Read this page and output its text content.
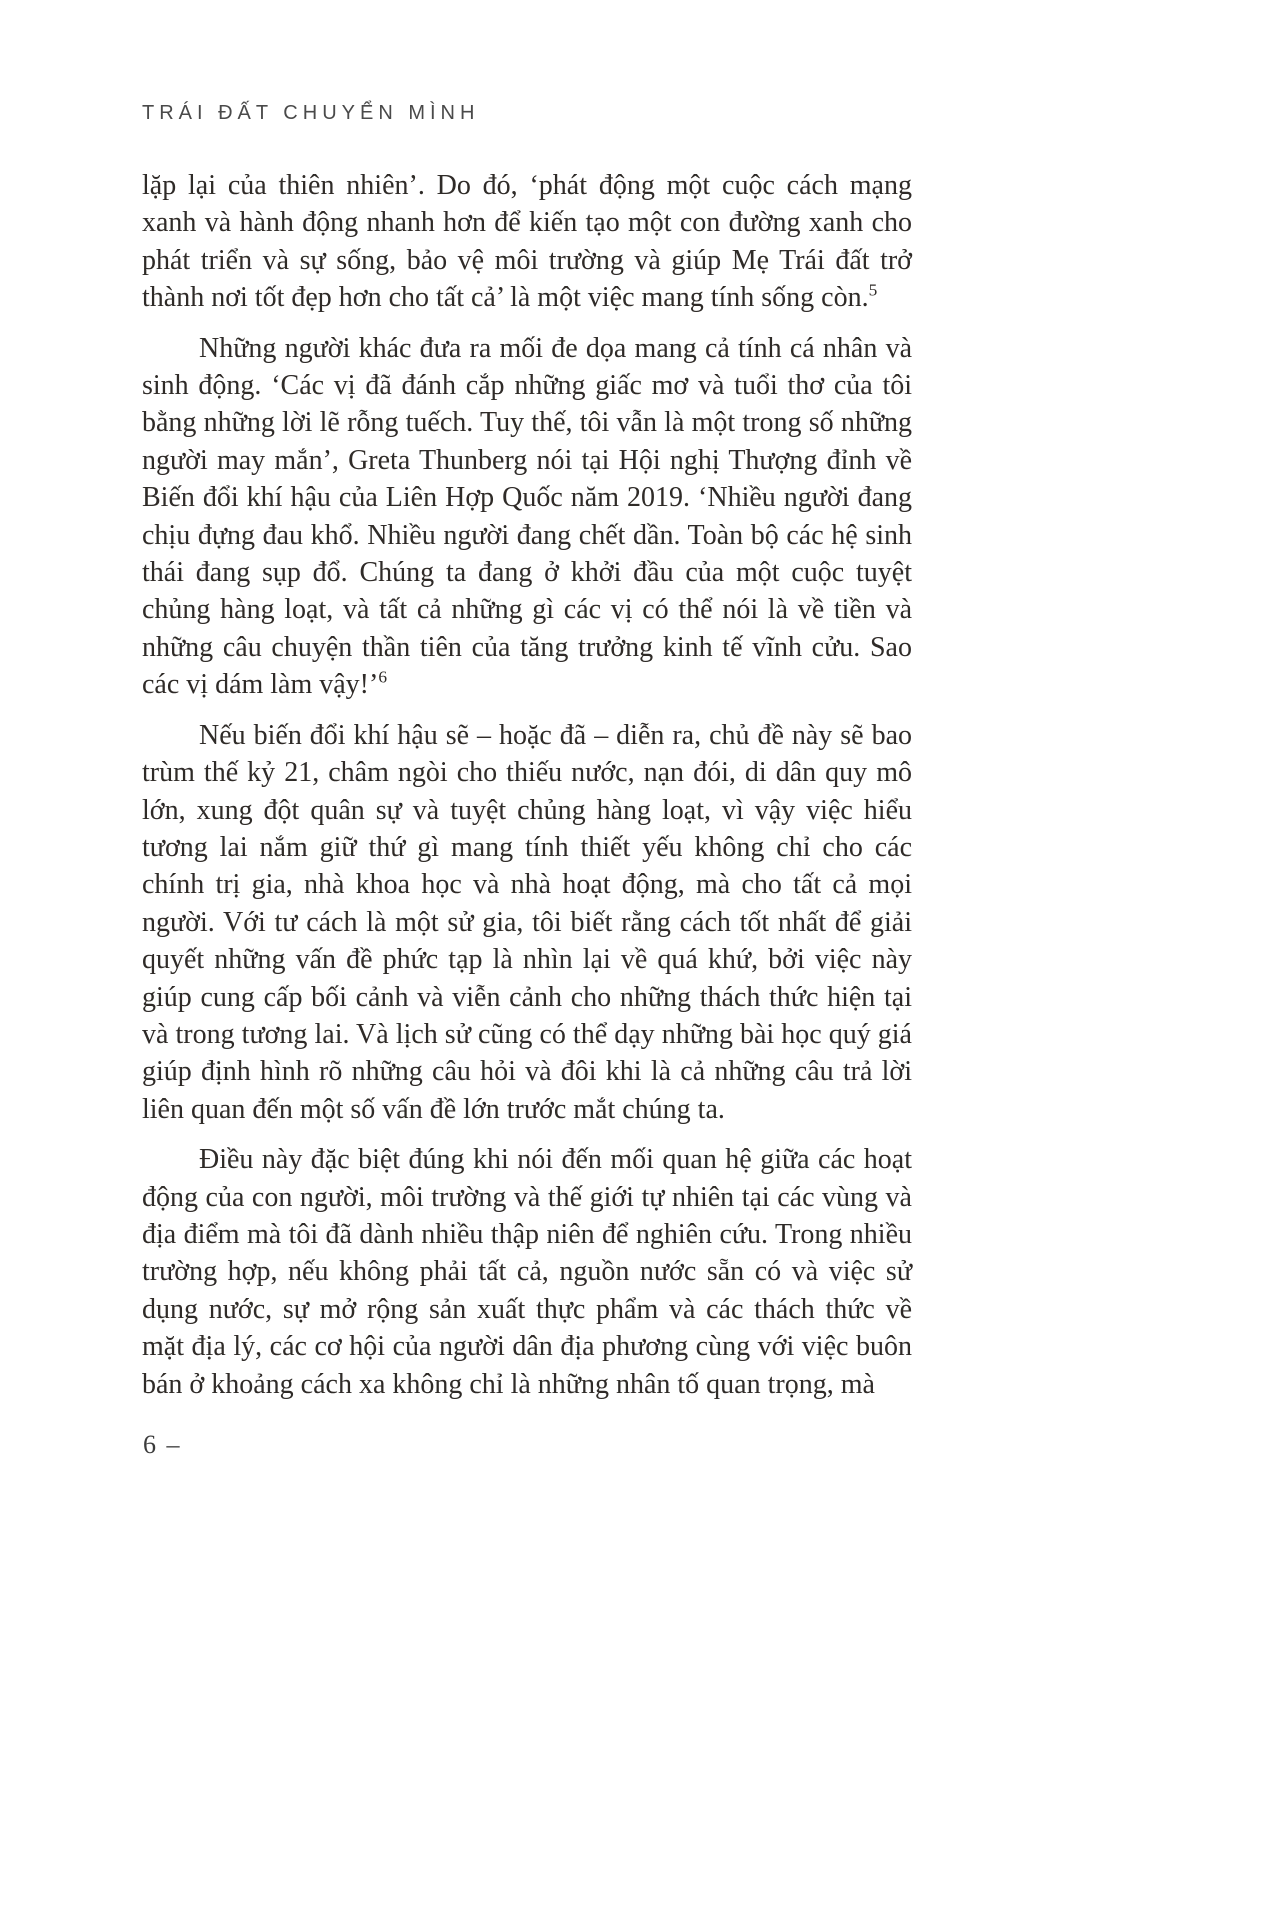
TRÁI ĐẤT CHUYỂN MÌNH

lặp lại của thiên nhiên’. Do đó, ‘phát động một cuộc cách mạng xanh và hành động nhanh hơn để kiến tạo một con đường xanh cho phát triển và sự sống, bảo vệ môi trường và giúp Mẹ Trái đất trở thành nơi tốt đẹp hơn cho tất cả’ là một việc mang tính sống còn.$^5$

Những người khác đưa ra mối đe dọa mang cả tính cá nhân và sinh động. ‘Các vị đã đánh cắp những giấc mơ và tuổi thơ của tôi bằng những lời lẽ rỗng tuếch. Tuy thế, tôi vẫn là một trong số những người may mắn’, Greta Thunberg nói tại Hội nghị Thượng đỉnh về Biến đổi khí hậu của Liên Hợp Quốc năm 2019. ‘Nhiều người đang chịu đựng đau khổ. Nhiều người đang chết dần. Toàn bộ các hệ sinh thái đang sụp đổ. Chúng ta đang ở khởi đầu của một cuộc tuyệt chủng hàng loạt, và tất cả những gì các vị có thể nói là về tiền và những câu chuyện thần tiên của tăng trưởng kinh tế vĩnh cửu. Sao các vị dám làm vậy!’$^6$

Nếu biến đổi khí hậu sẽ – hoặc đã – diễn ra, chủ đề này sẽ bao trùm thế kỷ 21, châm ngòi cho thiếu nước, nạn đói, di dân quy mô lớn, xung đột quân sự và tuyệt chủng hàng loạt, vì vậy việc hiểu tương lai nắm giữ thứ gì mang tính thiết yếu không chỉ cho các chính trị gia, nhà khoa học và nhà hoạt động, mà cho tất cả mọi người. Với tư cách là một sử gia, tôi biết rằng cách tốt nhất để giải quyết những vấn đề phức tạp là nhìn lại về quá khứ, bởi việc này giúp cung cấp bối cảnh và viễn cảnh cho những thách thức hiện tại và trong tương lai. Và lịch sử cũng có thể dạy những bài học quý giá giúp định hình rõ những câu hỏi và đôi khi là cả những câu trả lời liên quan đến một số vấn đề lớn trước mắt chúng ta.

Điều này đặc biệt đúng khi nói đến mối quan hệ giữa các hoạt động của con người, môi trường và thế giới tự nhiên tại các vùng và địa điểm mà tôi đã dành nhiều thập niên để nghiên cứu. Trong nhiều trường hợp, nếu không phải tất cả, nguồn nước sẵn có và việc sử dụng nước, sự mở rộng sản xuất thực phẩm và các thách thức về mặt địa lý, các cơ hội của người dân địa phương cùng với việc buôn bán ở khoảng cách xa không chỉ là những nhân tố quan trọng, mà

6 –
